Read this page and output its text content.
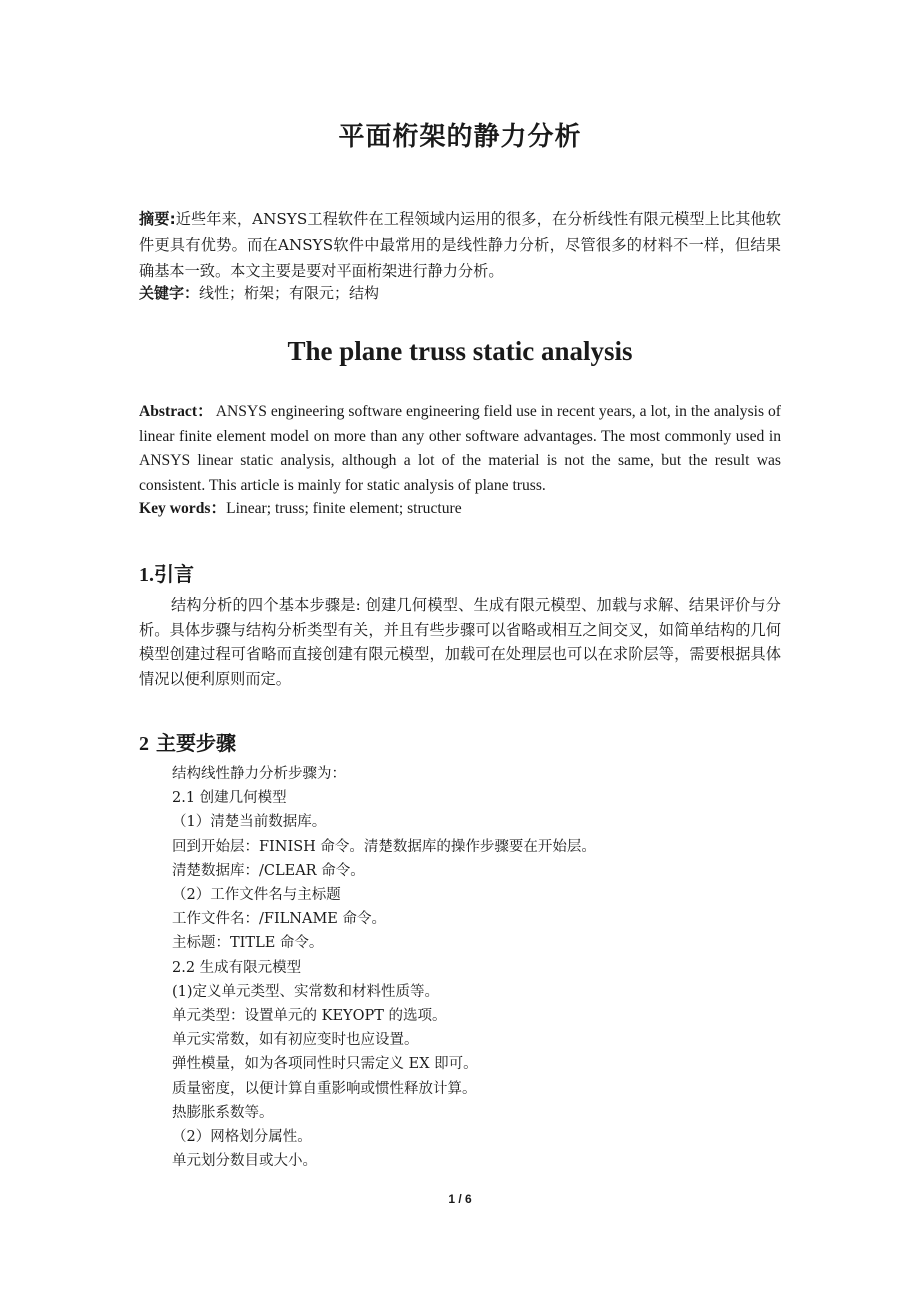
平面桁架的静力分析
摘要:近些年来，ANSYS工程软件在工程领域内运用的很多，在分析线性有限元模型上比其他软件更具有优势。而在ANSYS软件中最常用的是线性静力分析，尽管很多的材料不一样，但结果确基本一致。本文主要是要对平面桁架进行静力分析。
关键字：线性；桁架；有限元；结构
The plane truss static analysis
Abstract： ANSYS engineering software engineering field use in recent years, a lot, in the analysis of linear finite element model on more than any other software advantages. The most commonly used in ANSYS linear static analysis, although a lot of the material is not the same, but the result was consistent. This article is mainly for static analysis of plane truss.
Key words：Linear; truss; finite element; structure
1.引言
结构分析的四个基本步骤是: 创建几何模型、生成有限元模型、加载与求解、结果评价与分析。具体步骤与结构分析类型有关，并且有些步骤可以省略或相互之间交叉，如简单结构的几何模型创建过程可省略而直接创建有限元模型，加载可在处理层也可以在求阶层等，需要根据具体情况以便利原则而定。
2 主要步骤
结构线性静力分析步骤为：
2.1 创建几何模型
（1）清楚当前数据库。
回到开始层：FINISH 命令。清楚数据库的操作步骤要在开始层。
清楚数据库：/CLEAR 命令。
（2）工作文件名与主标题
工作文件名：/FILNAME 命令。
主标题：TITLE 命令。
2.2 生成有限元模型
(1)定义单元类型、实常数和材料性质等。
单元类型：设置单元的 KEYOPT 的选项。
单元实常数，如有初应变时也应设置。
弹性模量，如为各项同性时只需定义 EX 即可。
质量密度，以便计算自重影响或惯性释放计算。
热膨胀系数等。
（2）网格划分属性。
单元划分数目或大小。
1 / 6
